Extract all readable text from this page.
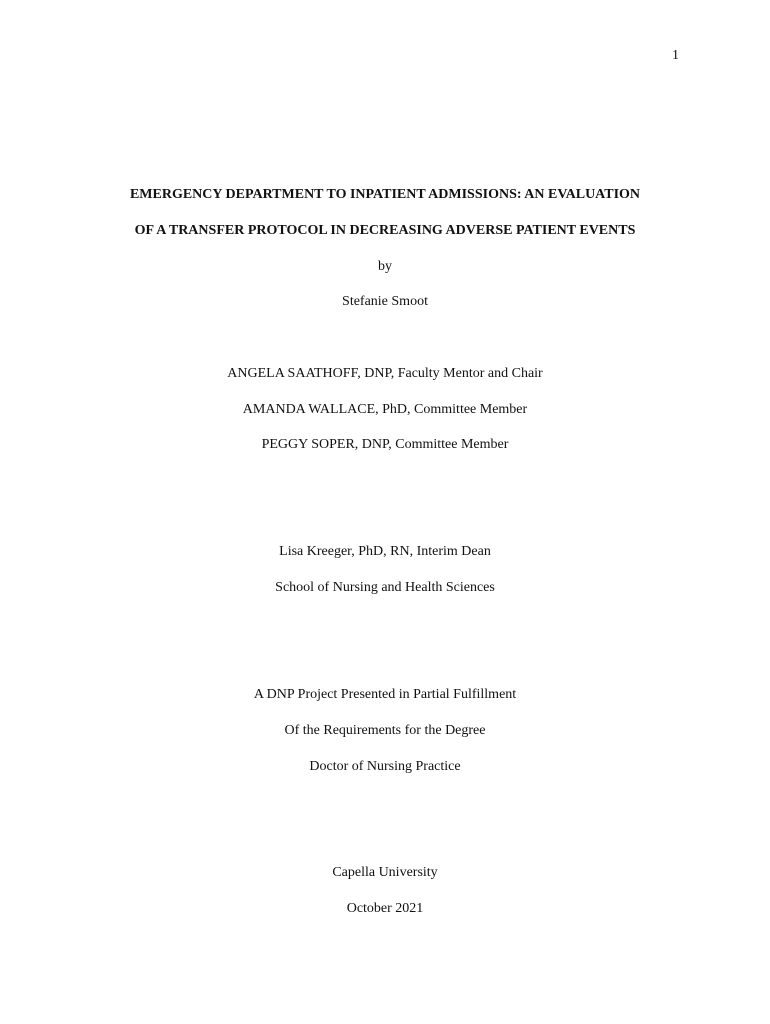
1
EMERGENCY DEPARTMENT TO INPATIENT ADMISSIONS: AN EVALUATION
OF A TRANSFER PROTOCOL IN DECREASING ADVERSE PATIENT EVENTS
by
Stefanie Smoot
ANGELA SAATHOFF, DNP, Faculty Mentor and Chair
AMANDA WALLACE, PhD, Committee Member
PEGGY SOPER, DNP, Committee Member
Lisa Kreeger, PhD, RN, Interim Dean
School of Nursing and Health Sciences
A DNP Project Presented in Partial Fulfillment
Of the Requirements for the Degree
Doctor of Nursing Practice
Capella University
October 2021
